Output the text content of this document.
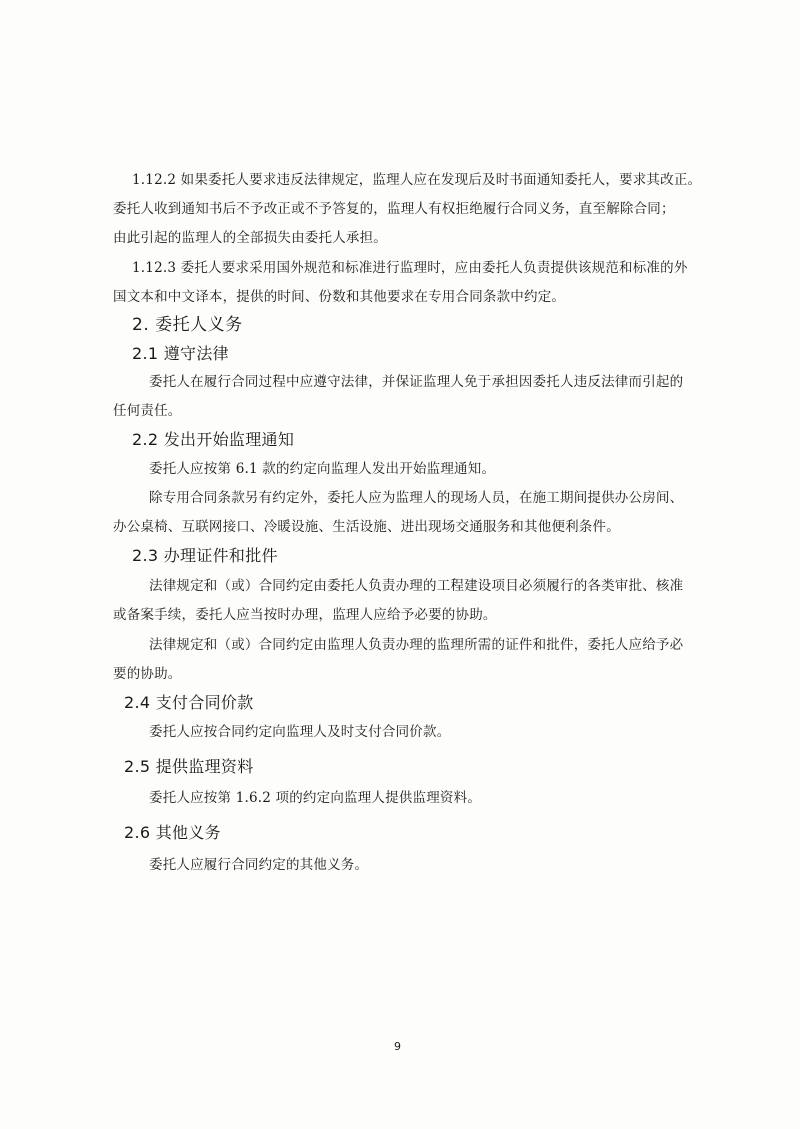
1.12.2 如果委托人要求违反法律规定，监理人应在发现后及时书面通知委托人，要求其改正。
委托人收到通知书后不予改正或不予答复的，监理人有权拒绝履行合同义务，直至解除合同；
由此引起的监理人的全部损失由委托人承担。
1.12.3 委托人要求采用国外规范和标准进行监理时，应由委托人负责提供该规范和标准的外
国文本和中文译本，提供的时间、份数和其他要求在专用合同条款中约定。
2. 委托人义务
2.1 遵守法律
委托人在履行合同过程中应遵守法律，并保证监理人免于承担因委托人违反法律而引起的
任何责任。
2.2 发出开始监理通知
委托人应按第 6.1 款的约定向监理人发出开始监理通知。
除专用合同条款另有约定外，委托人应为监理人的现场人员，在施工期间提供办公房间、
办公桌椅、互联网接口、冷暖设施、生活设施、进出现场交通服务和其他便利条件。
2.3 办理证件和批件
法律规定和（或）合同约定由委托人负责办理的工程建设项目必须履行的各类审批、核准
或备案手续，委托人应当按时办理，监理人应给予必要的协助。
法律规定和（或）合同约定由监理人负责办理的监理所需的证件和批件，委托人应给予必
要的协助。
2.4 支付合同价款
委托人应按合同约定向监理人及时支付合同价款。
2.5 提供监理资料
委托人应按第 1.6.2 项的约定向监理人提供监理资料。
2.6 其他义务
委托人应履行合同约定的其他义务。
9
